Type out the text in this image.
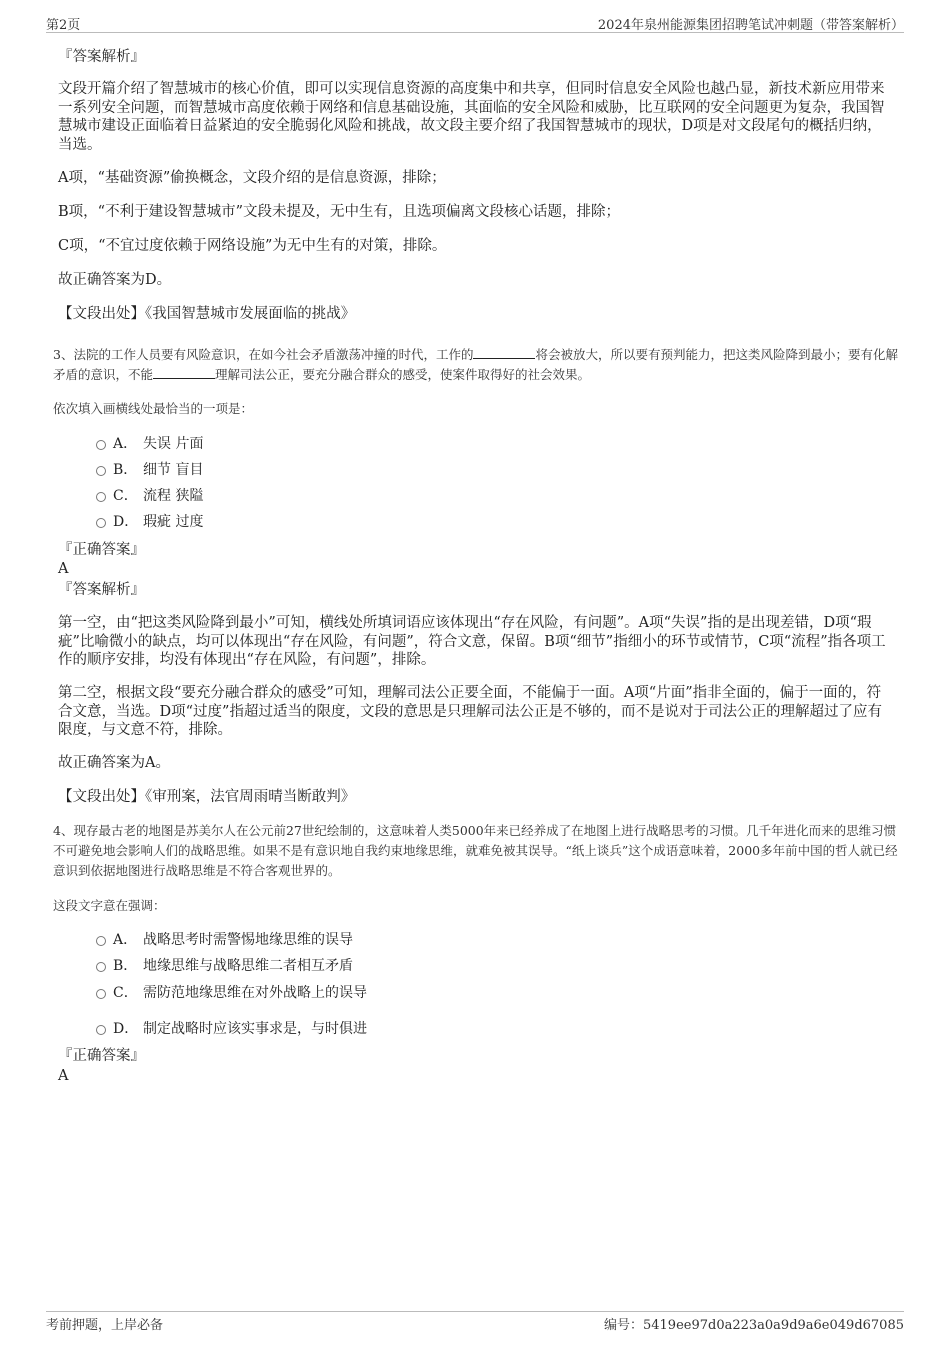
第2页	2024年泉州能源集团招聘笔试冲刺题（带答案解析）
『答案解析』
文段开篇介绍了智慧城市的核心价值，即可以实现信息资源的高度集中和共享，但同时信息安全风险也越凸显，新技术新应用带来一系列安全问题，而智慧城市高度依赖于网络和信息基础设施，其面临的安全风险和威胁，比互联网的安全问题更为复杂，我国智慧城市建设正面临着日益紧迫的安全脆弱化风险和挑战，故文段主要介绍了我国智慧城市的现状，D项是对文段尾句的概括归纳，当选。
A项，“基础资源”偷换概念，文段介绍的是信息资源，排除；
B项，“不利于建设智慧城市”文段未提及，无中生有，且选项偏离文段核心话题，排除；
C项，“不宜过度依赖于网络设施”为无中生有的对策，排除。
故正确答案为D。
【文段出处】《我国智慧城市发展面临的挑战》
3、法院的工作人员要有风险意识，在如今社会矛盾激荡冲撞的时代，工作的	将会被放大，所以要有预判能力，把这类风险降到最小；要有化解矛盾的意识，不能	理解司法公正，要充分融合群众的感受，使案件取得好的社会效果。
依次填入画横线处最恰当的一项是：
A． 失误 片面
B． 细节 盲目
C． 流程 狭隘
D． 瑕疵 过度
『正确答案』
A
『答案解析』
第一空，由“把这类风险降到最小”可知，横线处所填词语应该体现出“存在风险，有问题”。A项“失误”指的是出现差错，D项“瑕疵”比喻微小的缺点，均可以体现出“存在风险，有问题”，符合文意，保留。B项“细节”指细小的环节或情节，C项“流程”指各项工作的顺序安排，均没有体现出“存在风险，有问题”，排除。
第二空，根据文段“要充分融合群众的感受”可知，理解司法公正要全面，不能偏于一面。A项“片面”指非全面的，偏于一面的，符合文意，当选。D项“过度”指超过适当的限度，文段的意思是只理解司法公正是不够的，而不是说对于司法公正的理解超过了应有限度，与文意不符，排除。
故正确答案为A。
【文段出处】《审刑案，法官周雨晴当断敢判》
4、现存最古老的地图是苏美尔人在公元前27世纪绘制的，这意味着人类5000年来已经养成了在地图上进行战略思考的习惯。几千年进化而来的思维习惯不可避免地会影响人们的战略思维。如果不是有意识地自我约束地缘思维，就难免被其误导。“纸上谈兵”这个成语意味着，2000多年前中国的哲人就已经意识到依据地图进行战略思维是不符合客观世界的。
这段文字意在强调：
A． 战略思考时需警惕地缘思维的误导
B． 地缘思维与战略思维二者相互矛盾
C． 需防范地缘思维在对外战略上的误导
D． 制定战略时应该实事求是，与时俱进
『正确答案』
A
考前押题，上岸必备	编号：5419ee97d0a223a0a9d9a6e049d67085
